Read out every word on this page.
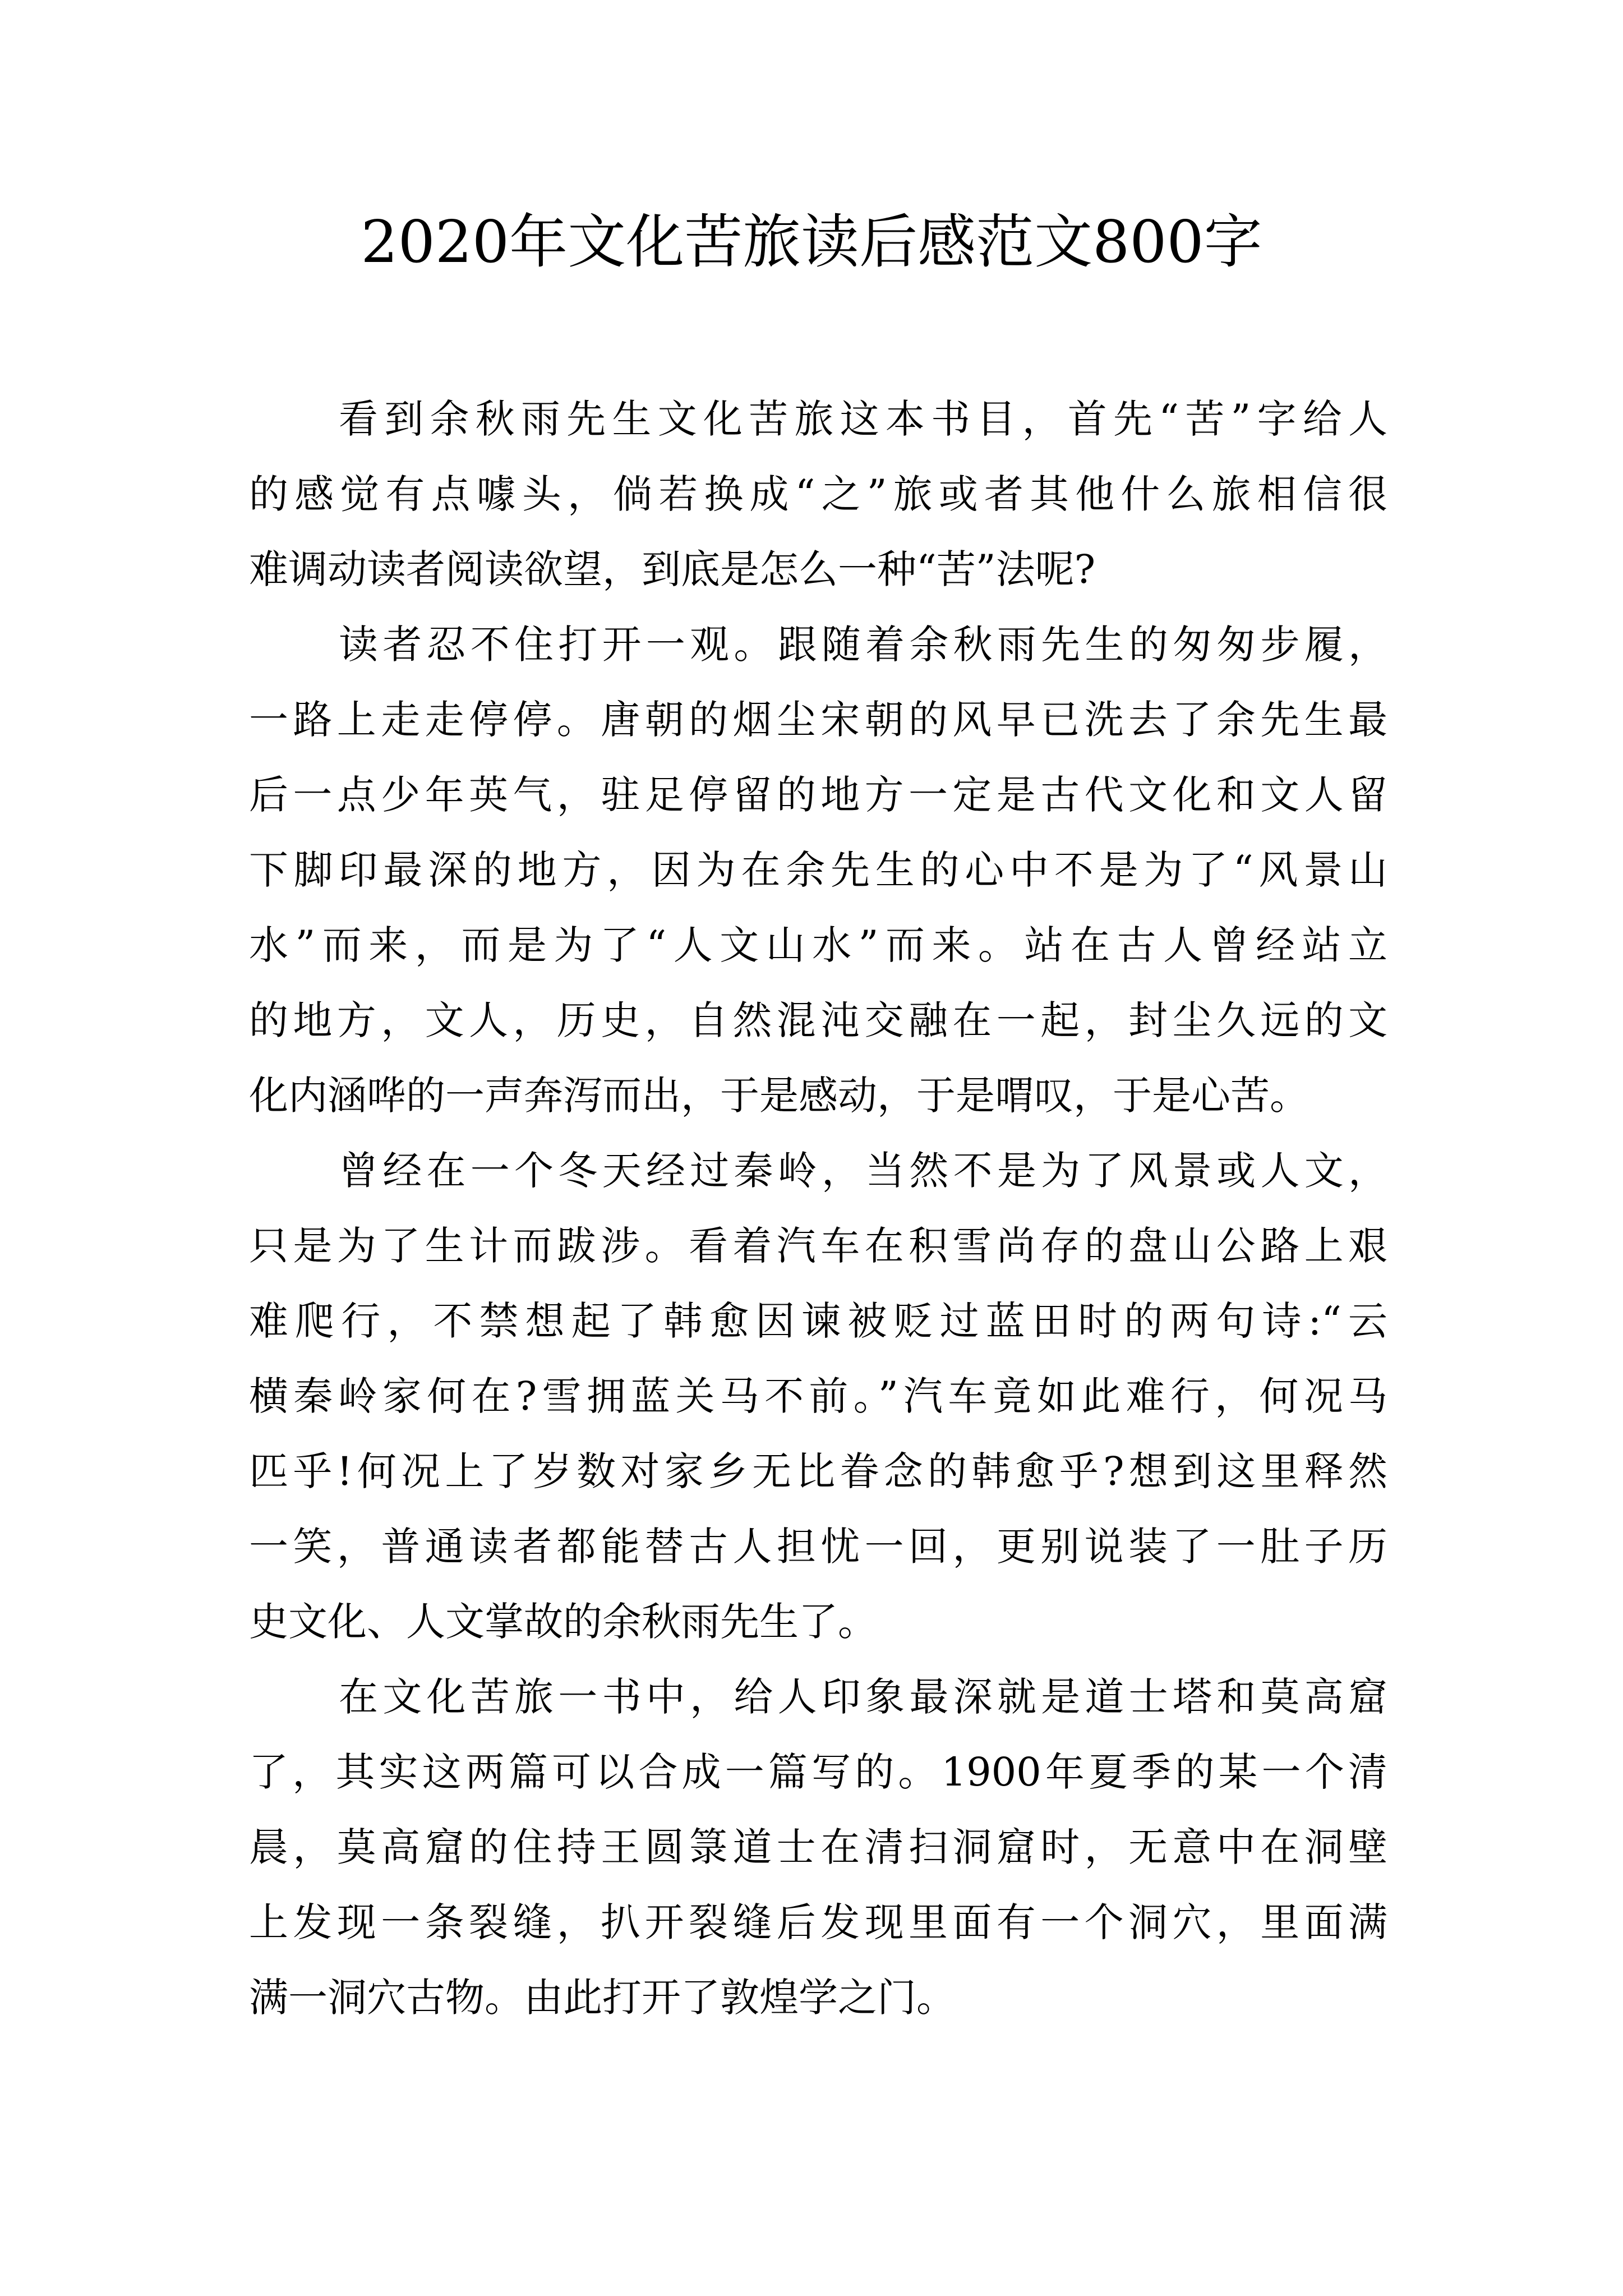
2020年文化苦旅读后感范文800字
看到余秋雨先生文化苦旅这本书目，首先“苦”字给人
的感觉有点噱头，倘若换成“之”旅或者其他什么旅相信很
难调动读者阅读欲望，到底是怎么一种“苦”法呢?
读者忍不住打开一观。跟随着余秋雨先生的匆匆步履，
一路上走走停停。唐朝的烟尘宋朝的风早已洗去了余先生最
后一点少年英气，驻足停留的地方一定是古代文化和文人留
下脚印最深的地方，因为在余先生的心中不是为了“风景山
水”而来，而是为了“人文山水”而来。站在古人曾经站立
的地方，文人，历史，自然混沌交融在一起，封尘久远的文
化内涵哗的一声奔泻而出，于是感动，于是喟叹，于是心苦。
曾经在一个冬天经过秦岭，当然不是为了风景或人文，
只是为了生计而跋涉。看着汽车在积雪尚存的盘山公路上艰
难爬行，不禁想起了韩愈因谏被贬过蓝田时的两句诗:“云
横秦岭家何在?雪拥蓝关马不前。”汽车竟如此难行，何况马
匹乎!何况上了岁数对家乡无比眷念的韩愈乎?想到这里释然
一笑，普通读者都能替古人担忧一回，更别说装了一肚子历
史文化、人文掌故的余秋雨先生了。
在文化苦旅一书中，给人印象最深就是道士塔和莫高窟
了，其实这两篇可以合成一篇写的。1900年夏季的某一个清
晨，莫高窟的住持王圆箓道士在清扫洞窟时，无意中在洞壁
上发现一条裂缝，扒开裂缝后发现里面有一个洞穴，里面满
满一洞穴古物。由此打开了敦煌学之门。
